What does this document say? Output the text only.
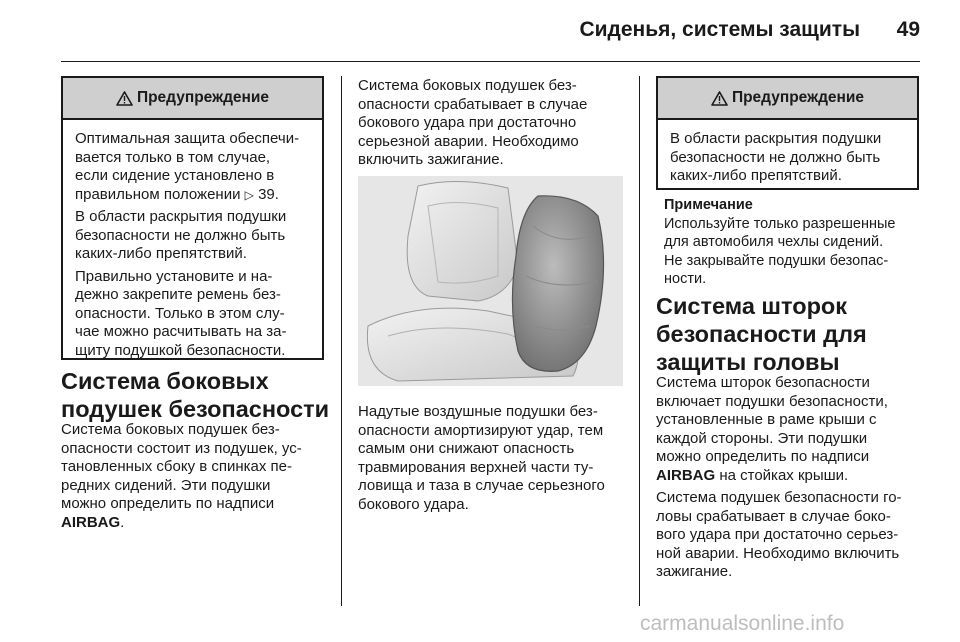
Сиденья, системы защиты	49
Предупреждение

Оптимальная защита обеспечи-
вается только в том случае,
если сидение установлено в
правильном положении ▷ 39.

В области раскрытия подушки
безопасности не должно быть
каких-либо препятствий.

Правильно установите и на-
дежно закрепите ремень без-
опасности. Только в этом слу-
чае можно расчитывать на за-
щиту подушкой безопасности.

Система боковых
подушек безопасности
Система боковых подушек без-
опасности состоит из подушек, ус-
тановленных сбоку в спинках пе-
редних сидений. Эти подушки
можно определить по надписи
AIRBAG.
Система боковых подушек без-
опасности срабатывает в случае
бокового удара при достаточно
серьезной аварии. Необходимо
включить зажигание.
Надутые воздушные подушки без-
опасности амортизируют удар, тем
самым они снижают опасность
травмирования верхней части ту-
ловища и таза в случае серьезного
бокового удара.
Предупреждение
В области раскрытия подушки
безопасности не должно быть
каких-либо препятствий.
Примечание
Используйте только разрешенные
для автомобиля чехлы сидений.
Не закрывайте подушки безопас-
ности.
Система шторок
безопасности для
защиты головы

Система шторок безопасности
включает подушки безопасности,
установленные в раме крыши с
каждой стороны. Эти подушки
можно определить по надписи
AIRBAG на стойках крыши.

Система подушек безопасности го-
ловы срабатывает в случае боко-
вого удара при достаточно серьез-
ной аварии. Необходимо включить
зажигание.

carmanualsonline.info
